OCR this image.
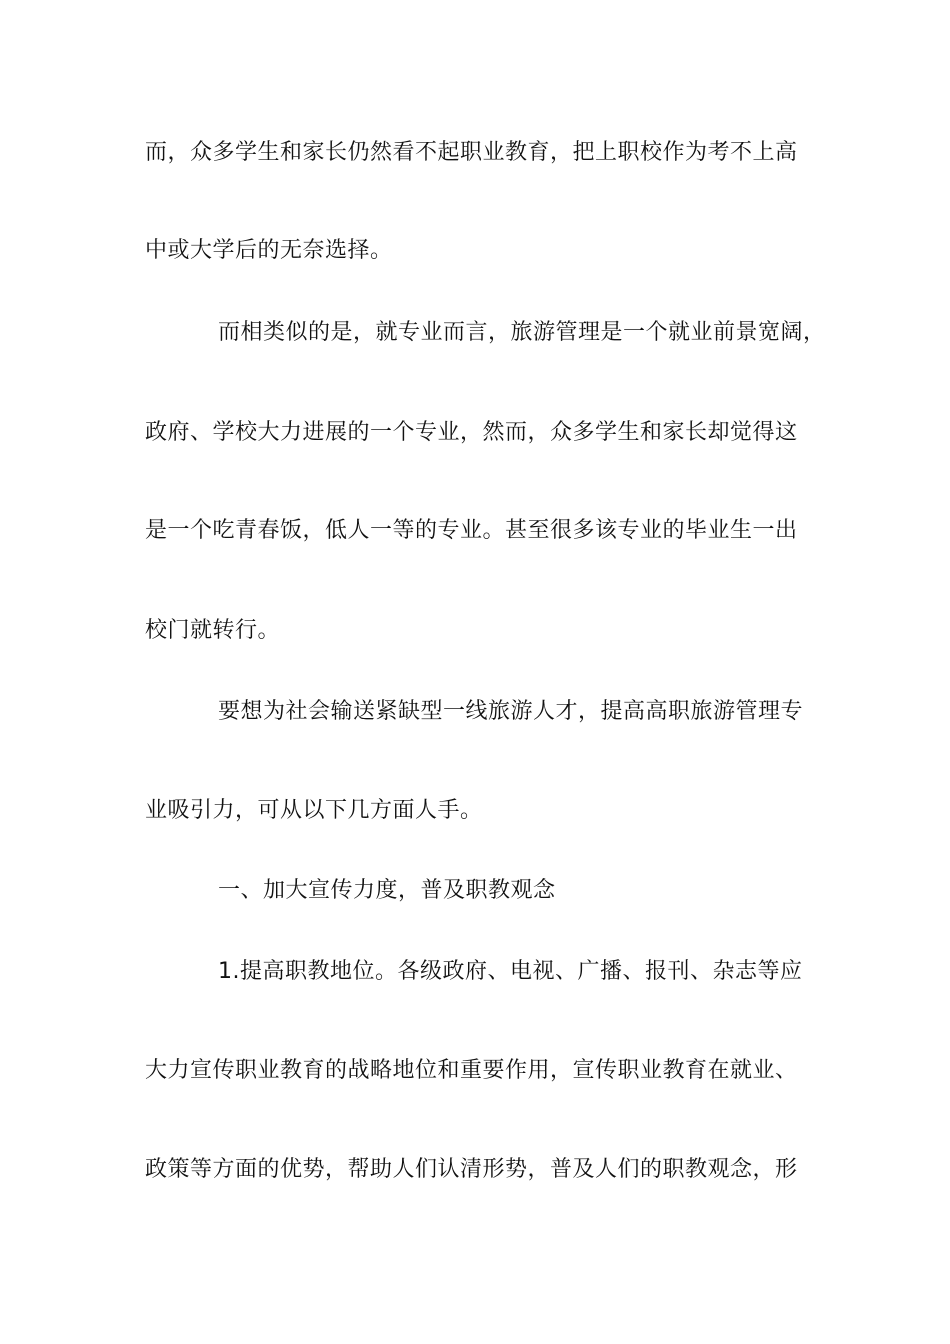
而，众多学生和家长仍然看不起职业教育，把上职校作为考不上高
中或大学后的无奈选择。
而相类似的是，就专业而言，旅游管理是一个就业前景宽阔，
政府、学校大力进展的一个专业，然而，众多学生和家长却觉得这
是一个吃青春饭，低人一等的专业。甚至很多该专业的毕业生一出
校门就转行。
要想为社会输送紧缺型一线旅游人才，提高高职旅游管理专
业吸引力，可从以下几方面人手。
一、加大宣传力度，普及职教观念
1.提高职教地位。各级政府、电视、广播、报刊、杂志等应
大力宣传职业教育的战略地位和重要作用，宣传职业教育在就业、
政策等方面的优势，帮助人们认清形势，普及人们的职教观念，形
